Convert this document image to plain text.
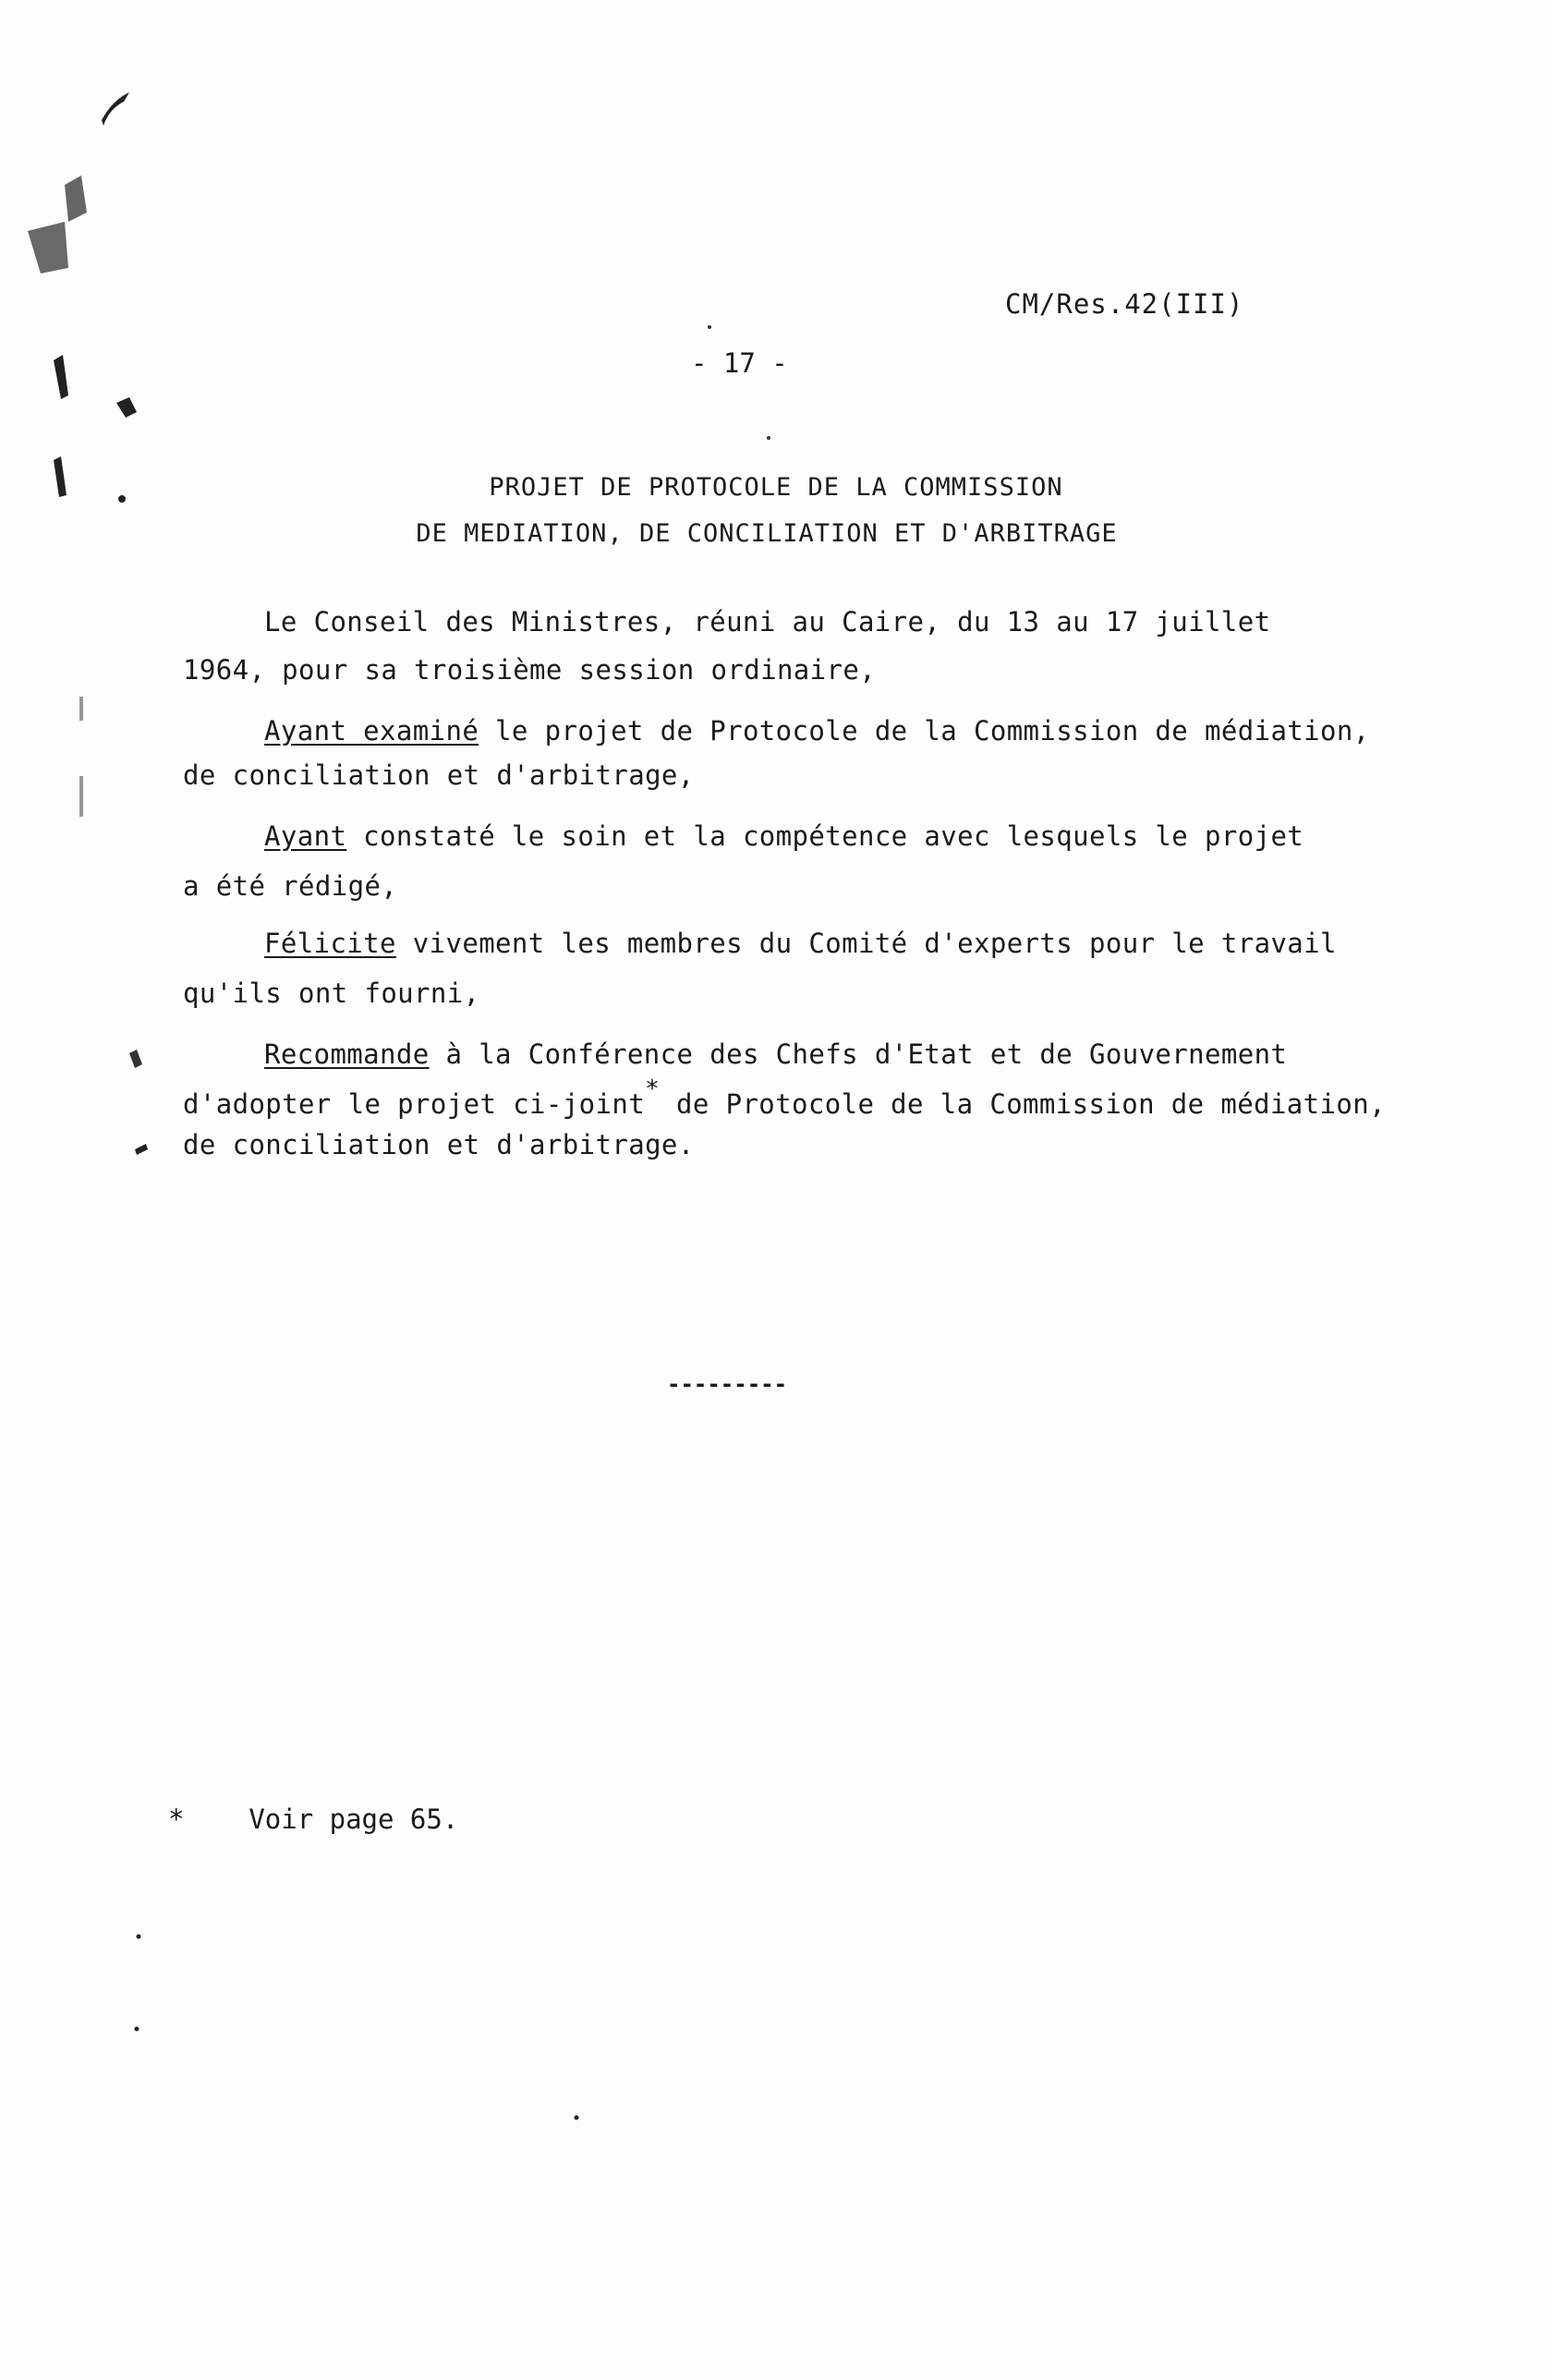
CM/Res.42(III)
- 17 -
PROJET DE PROTOCOLE DE LA COMMISSION
DE MEDIATION, DE CONCILIATION ET D'ARBITRAGE
Le Conseil des Ministres, réuni au Caire, du 13 au 17 juillet
1964, pour sa troisième session ordinaire,
Ayant examiné le projet de Protocole de la Commission de médiation,
de conciliation et d'arbitrage,
Ayant constaté le soin et la compétence avec lesquels le projet
a été rédigé,
Félicite vivement les membres du Comité d'experts pour le travail
qu'ils ont fourni,
Recommande à la Conférence des Chefs d'Etat et de Gouvernement
d'adopter le projet ci-joint* de Protocole de la Commission de médiation,
de conciliation et d'arbitrage.
---------
* Voir page 65.
